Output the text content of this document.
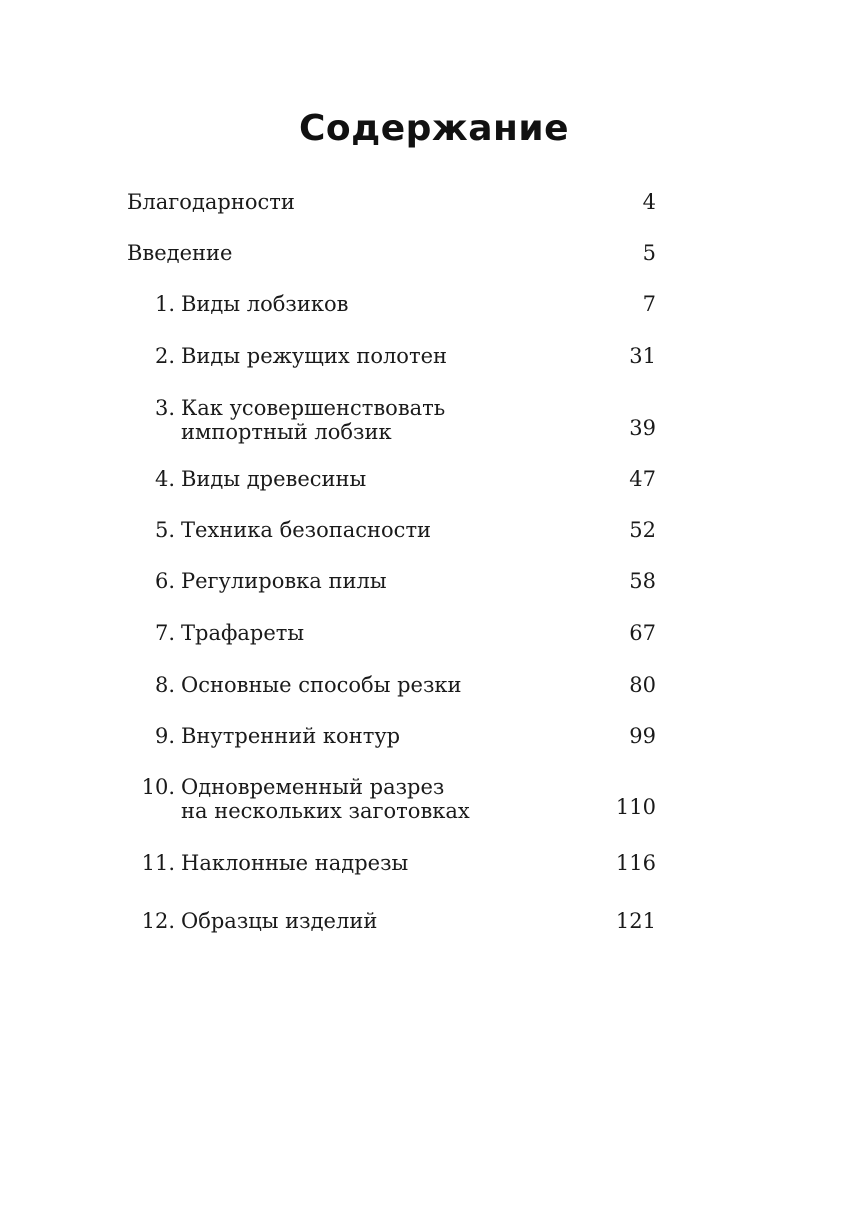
Содержание
Благодарности	4
Введение	5
1. Виды лобзиков	7
2. Виды режущих полотен	31
3. Как усовершенствовать
импортный лобзик	39
4. Виды древесины	47
5. Техника безопасности	52
6. Регулировка пилы	58
7. Трафареты	67
8. Основные способы резки	80
9. Внутренний контур	99
10. Одновременный разрез
на нескольких заготовках	110
11. Наклонные надрезы	116
12. Образцы изделий	121
